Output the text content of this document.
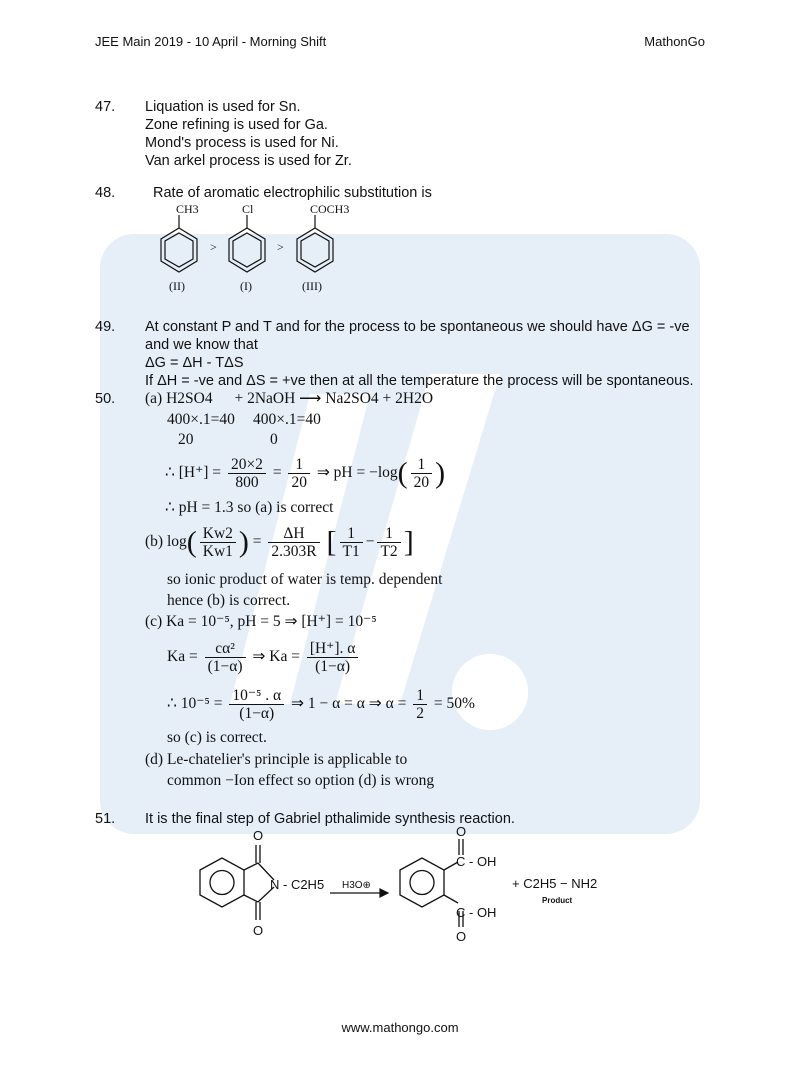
JEE Main 2019 - 10 April - Morning Shift	MathonGo
47. Liquation is used for Sn.
Zone refining is used for Ga.
Mond's process is used for Ni.
Van arkel process is used for Zr.
48.	Rate of aromatic electrophilic substitution is
CH3	Cl	COCH3
>	>
(II)	(I)	(III)
49. At constant P and T and for the process to be spontaneous we should have ΔG = -ve
and we know that
ΔG = ΔH - TΔS
If ΔH = -ve and ΔS = +ve then at all the temperature the process will be spontaneous.
50. (a) H2SO4 + 2NaOH ⟶ Na2SO4 + 2H2O
400×.1=40 400×.1=40
20	0
∴ $[H^+] = \frac{20\times 2}{800} = \frac{1}{20}$ ⇒ pH = $-\log( \frac{1}{20}$ )
∴ pH = 1.3 so (a) is correct
(b) $\log( \frac{Kw2}{Kw1}$ ) = $\frac{\Delta H}{2.303R}$ [ $\frac{1}{T1} - \frac{1}{T2}$ ]
so ionic product of water is temp. dependent
hence (b) is correct.
(c) Ka = 10⁻⁵, pH = 5 ⇒ [H⁺] = 10⁻⁵
$Ka = \frac{\text{cα²}}{(1-\alpha)}$ ⇒ $Ka = \frac{[H^+]. \alpha}{(1-\alpha)}$
∴ $10^{-5} = \frac{\text{10⁻⁵ . α}}{(1-\alpha)}$ ⇒ 1 − α = α ⇒ $\alpha = \frac{1}{2} = 50\%$
so (c) is correct.
(d) Le-chatelier's principle is applicable to
common −Ion effect so option (d) is wrong
51. It is the final step of Gabriel pthalimide synthesis reaction.
O
O
N - C2H5 H3O⊕
O
C - OH
C - OH
O
+ C2H5 − NH2
Product
www.mathongo.com
